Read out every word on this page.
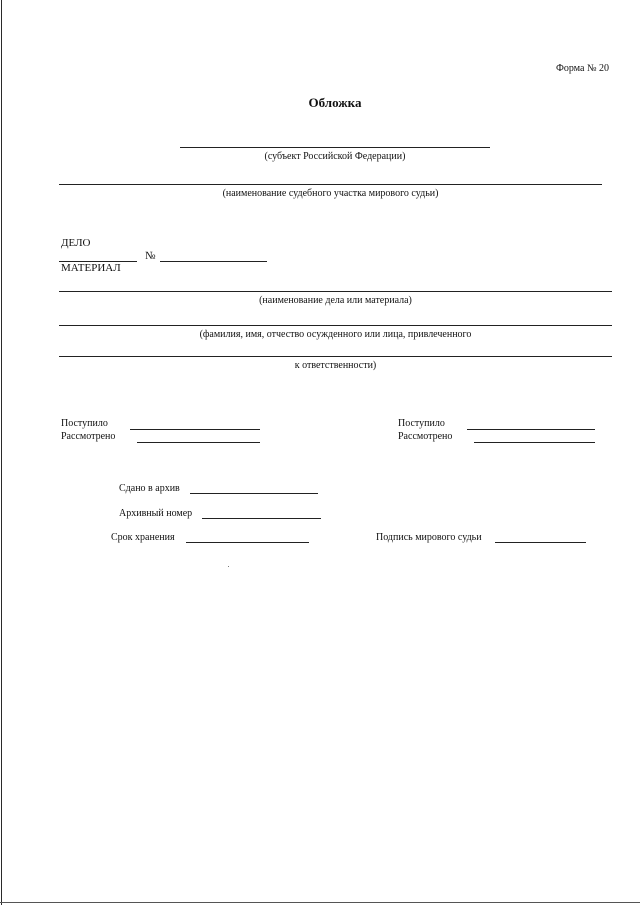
Форма № 20
Обложка
(субъект Российской Федерации)
(наименование судебного участка мирового судьи)
ДЕЛО
№
МАТЕРИАЛ
(наименование дела или материала)
(фамилия, имя, отчество осужденного или лица, привлеченного
к ответственности)
Поступило
Рассмотрено
Поступило
Рассмотрено
Сдано в архив
Архивный номер
Срок хранения	Подпись мирового судьи
